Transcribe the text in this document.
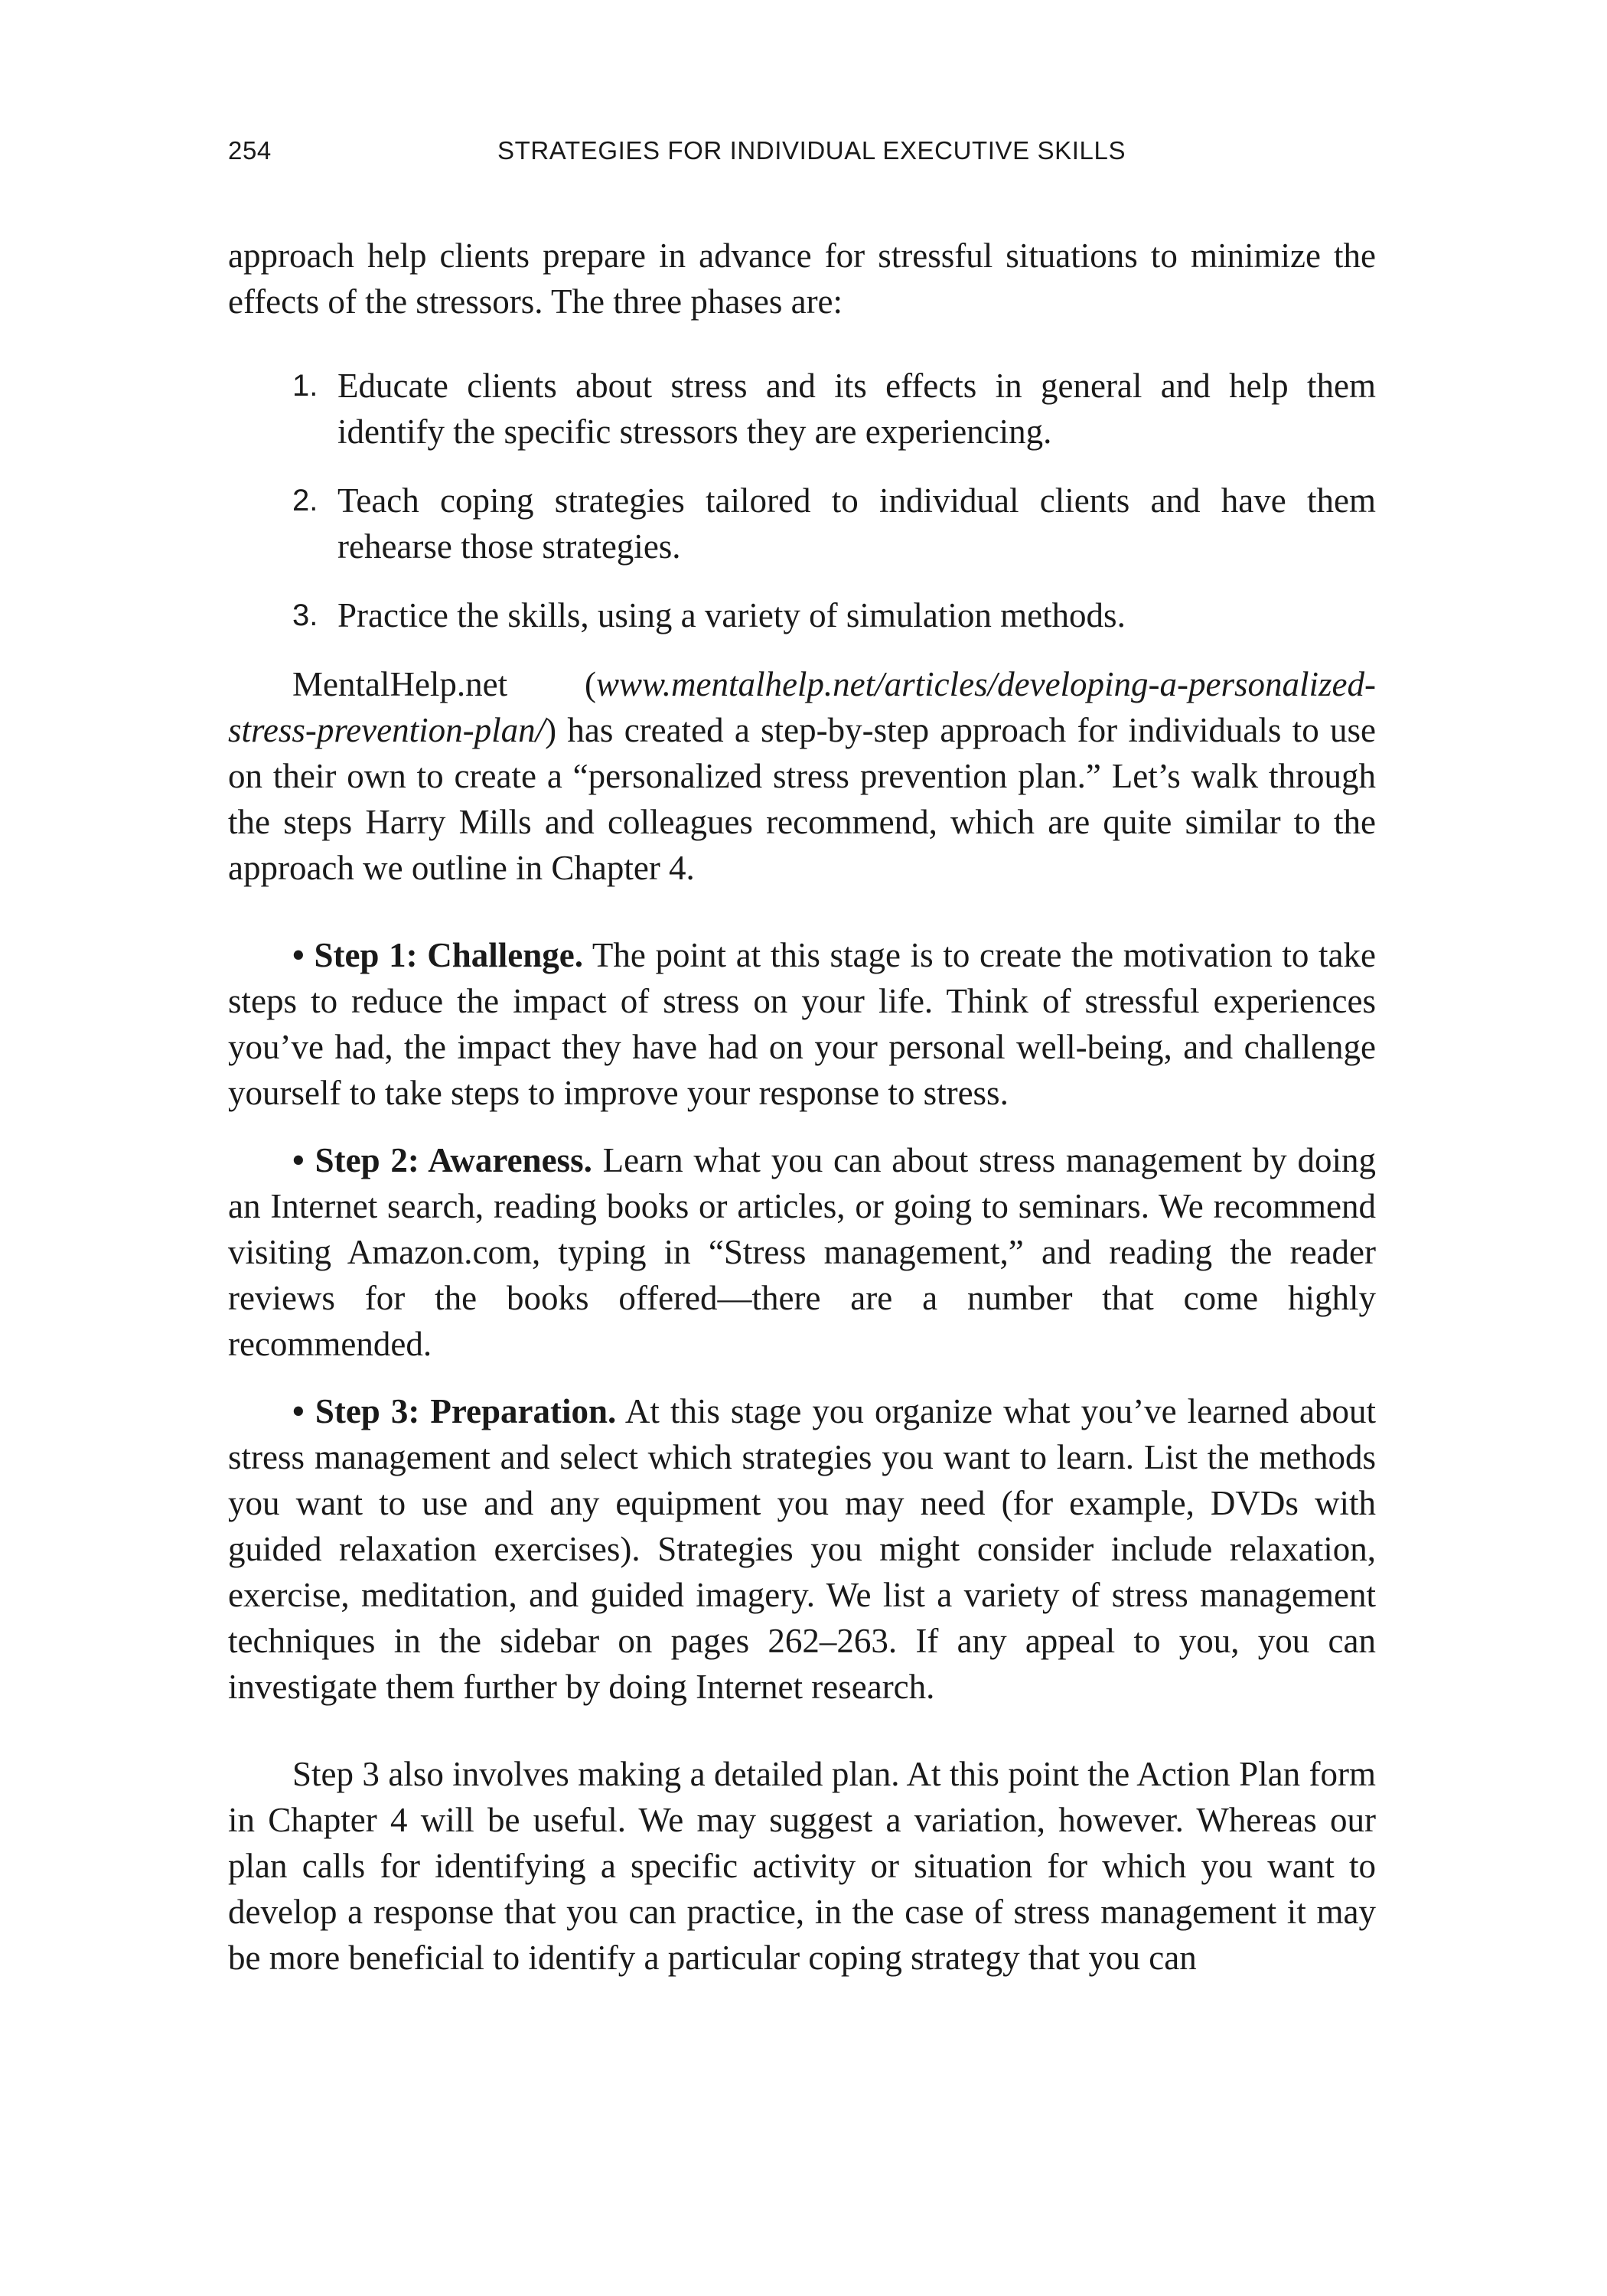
254	STRATEGIES FOR INDIVIDUAL EXECUTIVE SKILLS

approach help clients prepare in advance for stressful situations to minimize the effects of the stressors. The three phases are:

1. Educate clients about stress and its effects in general and help them identify the specific stressors they are experiencing.
2. Teach coping strategies tailored to individual clients and have them rehearse those strategies.
3. Practice the skills, using a variety of simulation methods.

MentalHelp.net (www.mentalhelp.net/articles/developing-a-personalized-stress-prevention-plan/) has created a step-by-step approach for individuals to use on their own to create a “personalized stress prevention plan.” Let’s walk through the steps Harry Mills and colleagues recommend, which are quite similar to the approach we outline in Chapter 4.

• Step 1: Challenge. The point at this stage is to create the motivation to take steps to reduce the impact of stress on your life. Think of stressful experiences you’ve had, the impact they have had on your personal well-being, and challenge yourself to take steps to improve your response to stress.

• Step 2: Awareness. Learn what you can about stress management by doing an Internet search, reading books or articles, or going to seminars. We recommend visiting Amazon.com, typing in “Stress management,” and reading the reader reviews for the books offered—there are a number that come highly recommended.

• Step 3: Preparation. At this stage you organize what you’ve learned about stress management and select which strategies you want to learn. List the methods you want to use and any equipment you may need (for example, DVDs with guided relaxation exercises). Strategies you might consider include relaxation, exercise, meditation, and guided imagery. We list a variety of stress management techniques in the sidebar on pages 262–263. If any appeal to you, you can investigate them further by doing Internet research.

Step 3 also involves making a detailed plan. At this point the Action Plan form in Chapter 4 will be useful. We may suggest a variation, however. Whereas our plan calls for identifying a specific activity or situation for which you want to develop a response that you can practice, in the case of stress management it may be more beneficial to identify a particular coping strategy that you can
